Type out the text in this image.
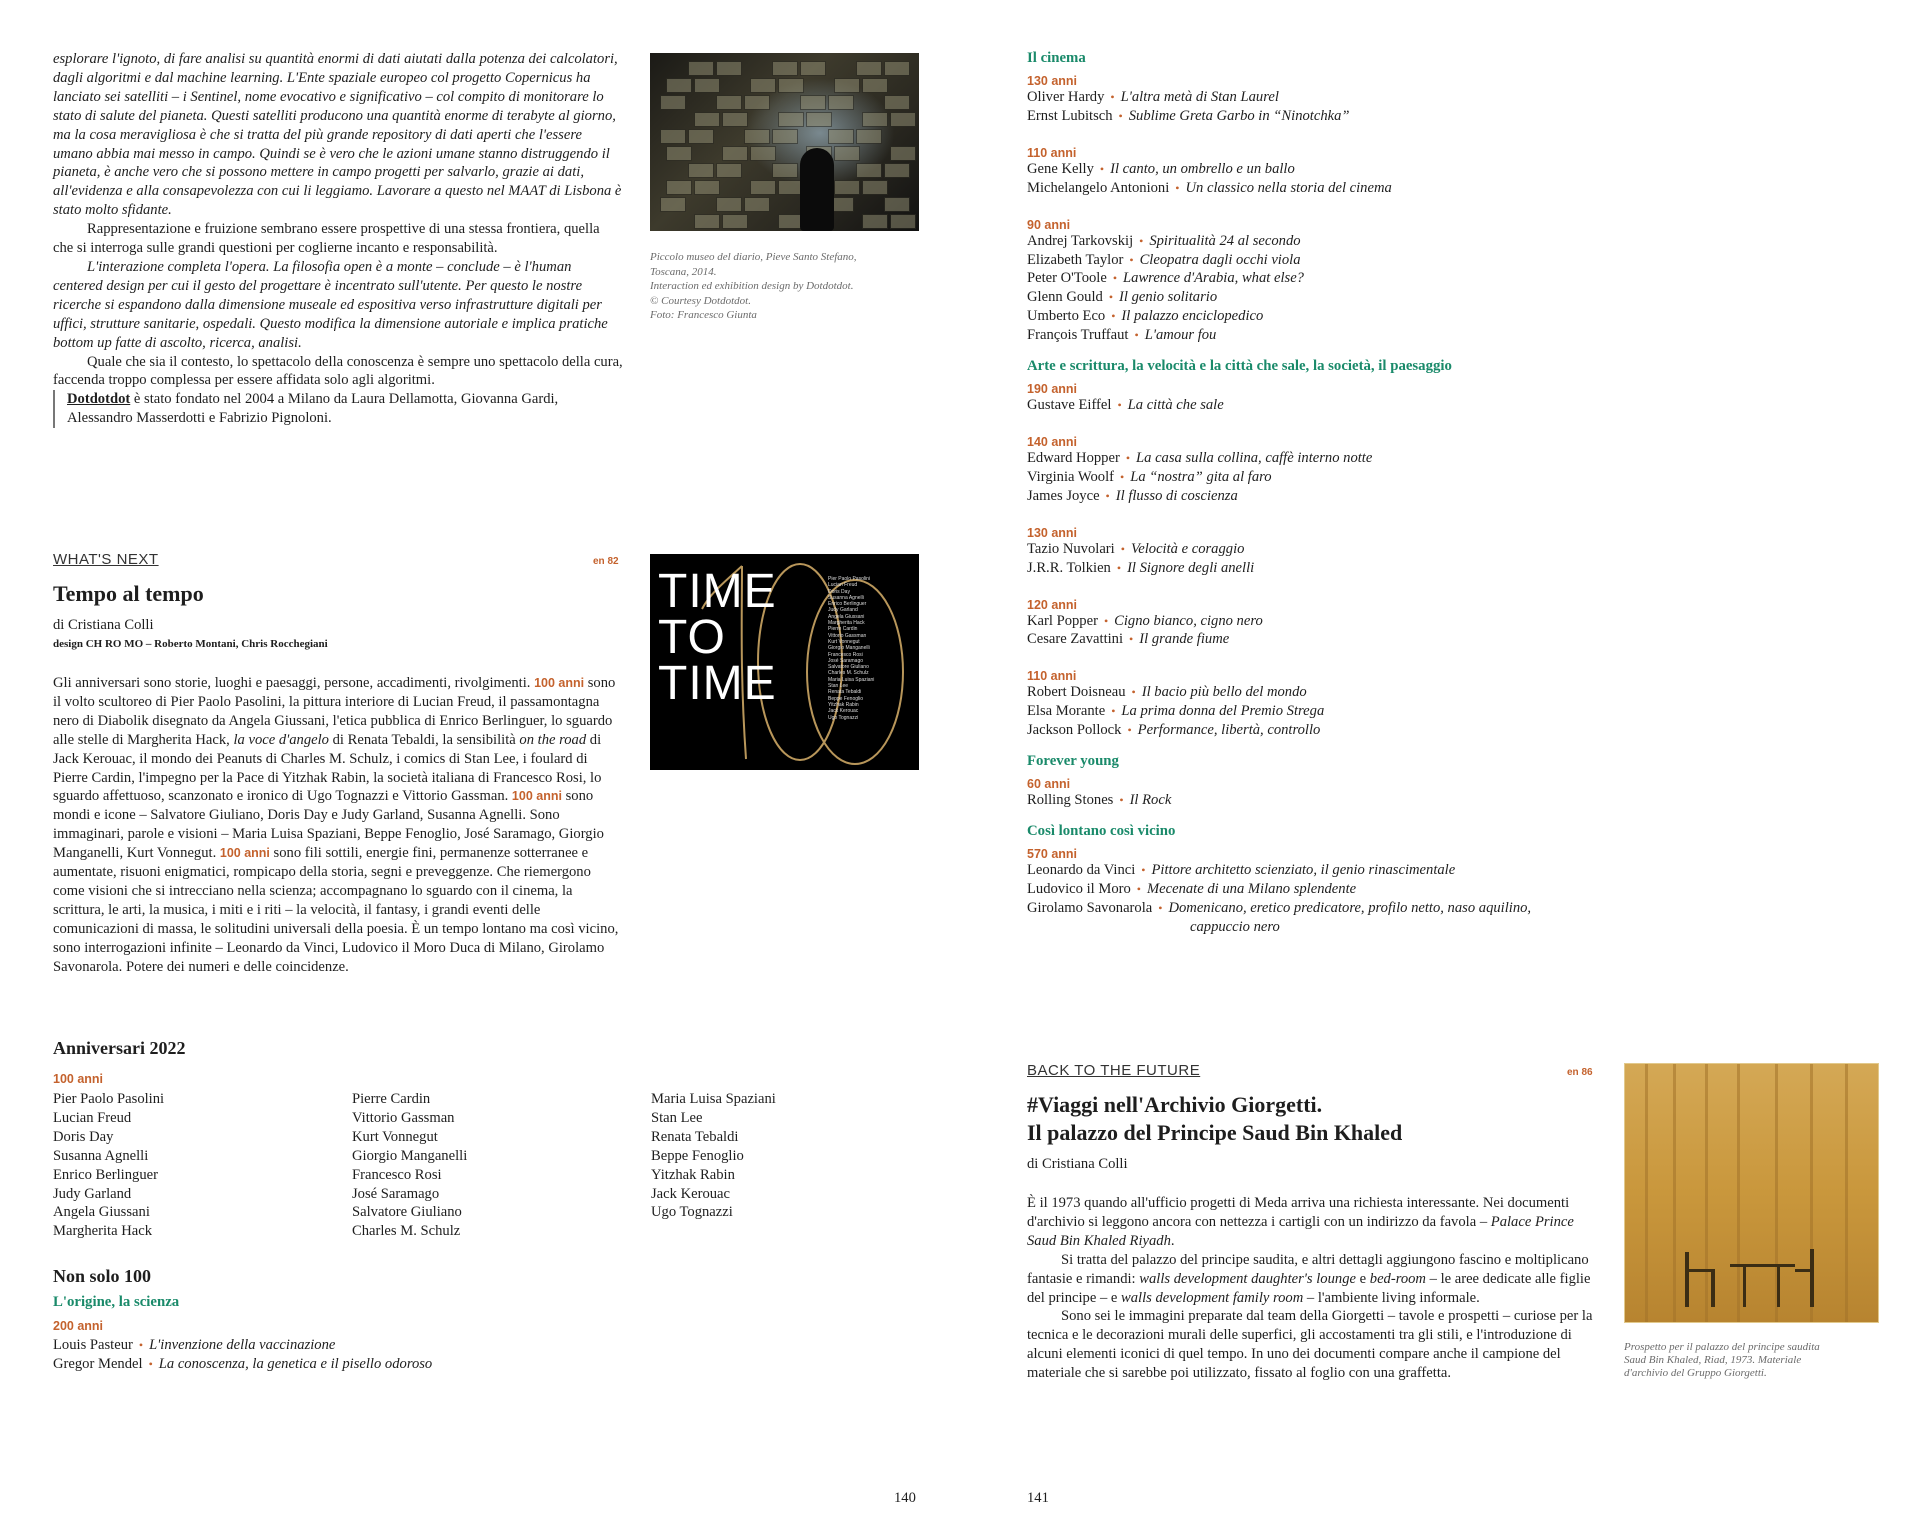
esplorare l'ignoto, di fare analisi su quantità enormi di dati aiutati dalla potenza dei calcolatori, dagli algoritmi e dal machine learning. L'Ente spaziale europeo col progetto Copernicus ha lanciato sei satelliti – i Sentinel, nome evocativo e significativo – col compito di monitorare lo stato di salute del pianeta. Questi satelliti producono una quantità enorme di terabyte al giorno, ma la cosa meravigliosa è che si tratta del più grande repository di dati aperti che l'essere umano abbia mai messo in campo. Quindi se è vero che le azioni umane stanno distruggendo il pianeta, è anche vero che si possono mettere in campo progetti per salvarlo, grazie ai dati, all'evidenza e alla consapevolezza con cui li leggiamo. Lavorare a questo nel MAAT di Lisbona è stato molto sfidante.

Rappresentazione e fruizione sembrano essere prospettive di una stessa frontiera, quella che si interroga sulle grandi questioni per coglierne incanto e responsabilità.

L'interazione completa l'opera. La filosofia open è a monte – conclude – è l'human centered design per cui il gesto del progettare è incentrato sull'utente. Per questo le nostre ricerche si espandono dalla dimensione museale ed espositiva verso infrastrutture digitali per uffici, strutture sanitarie, ospedali. Questo modifica la dimensione autoriale e implica pratiche bottom up fatte di ascolto, ricerca, analisi.

Quale che sia il contesto, lo spettacolo della conoscenza è sempre uno spettacolo della cura, faccenda troppo complessa per essere affidata solo agli algoritmi.

Dotdotdot è stato fondato nel 2004 a Milano da Laura Dellamotta, Giovanna Gardi, Alessandro Masserdotti e Fabrizio Pignoloni.

Piccolo museo del diario, Pieve Santo Stefano,
Toscana, 2014.
Interaction ed exhibition design by Dotdotdot.
© Courtesy Dotdotdot.
Foto: Francesco Giunta
WHAT'S NEXT	en 82
Tempo al tempo
di Cristiana Colli
design CH RO MO – Roberto Montani, Chris Rocchegiani
TIME
TO
TIME
Pier Paolo Pasolini
Lucian Freud
Doris Day
Susanna Agnelli
Enrico Berlinguer
Judy Garland
Angela Giussani
Margherita Hack
Pierre Cardin
Vittorio Gassman
Kurt Vonnegut
Giorgio Manganelli
Francesco Rosi
José Saramago
Salvatore Giuliano
Charles M. Schulz
Maria Luisa Spaziani
Stan Lee
Renata Tebaldi
Beppe Fenoglio
Yitzhak Rabin
Jack Kerouac
Ugo Tognazzi

Gli anniversari sono storie, luoghi e paesaggi, persone, accadimenti, rivolgimenti. 100 anni sono il volto scultoreo di Pier Paolo Pasolini, la pittura interiore di Lucian Freud, il passamontagna nero di Diabolik disegnato da Angela Giussani, l'etica pubblica di Enrico Berlinguer, lo sguardo alle stelle di Margherita Hack, la voce d'angelo di Renata Tebaldi, la sensibilità on the road di Jack Kerouac, il mondo dei Peanuts di Charles M. Schulz, i comics di Stan Lee, i foulard di Pierre Cardin, l'impegno per la Pace di Yitzhak Rabin, la società italiana di Francesco Rosi, lo sguardo affettuoso, scanzonato e ironico di Ugo Tognazzi e Vittorio Gassman. 100 anni sono mondi e icone – Salvatore Giuliano, Doris Day e Judy Garland, Susanna Agnelli. Sono immaginari, parole e visioni – Maria Luisa Spaziani, Beppe Fenoglio, José Saramago, Giorgio Manganelli, Kurt Vonnegut. 100 anni sono fili sottili, energie fini, permanenze sotterranee e aumentate, risuoni enigmatici, rompicapo della storia, segni e preveggenze. Che riemergono come visioni che si intrecciano nella scienza; accompagnano lo sguardo con il cinema, la scrittura, le arti, la musica, i miti e i riti – la velocità, il fantasy, i grandi eventi delle comunicazioni di massa, le solitudini universali della poesia. È un tempo lontano ma così vicino, sono interrogazioni infinite – Leonardo da Vinci, Ludovico il Moro Duca di Milano, Girolamo Savonarola. Potere dei numeri e delle coincidenze.

Anniversari 2022
100 anni
Pier Paolo Pasolini
Lucian Freud
Doris Day
Susanna Agnelli
Enrico Berlinguer
Judy Garland
Angela Giussani
Margherita Hack
Pierre Cardin
Vittorio Gassman
Kurt Vonnegut
Giorgio Manganelli
Francesco Rosi
José Saramago
Salvatore Giuliano
Charles M. Schulz
Maria Luisa Spaziani
Stan Lee
Renata Tebaldi
Beppe Fenoglio
Yitzhak Rabin
Jack Kerouac
Ugo Tognazzi
Non solo 100
L'origine, la scienza
200 anni
Louis Pasteur • L'invenzione della vaccinazione
Gregor Mendel • La conoscenza, la genetica e il pisello odoroso
140
Il cinema
130 anni
Oliver Hardy • L'altra metà di Stan Laurel
Ernst Lubitsch • Sublime Greta Garbo in “Ninotchka”
110 anni
Gene Kelly • Il canto, un ombrello e un ballo
Michelangelo Antonioni • Un classico nella storia del cinema
90 anni
Andrej Tarkovskij • Spiritualità 24 al secondo
Elizabeth Taylor • Cleopatra dagli occhi viola
Peter O'Toole • Lawrence d'Arabia, what else?
Glenn Gould • Il genio solitario
Umberto Eco • Il palazzo enciclopedico
François Truffaut • L'amour fou
Arte e scrittura, la velocità e la città che sale, la società, il paesaggio
190 anni
Gustave Eiffel • La città che sale
140 anni
Edward Hopper • La casa sulla collina, caffè interno notte
Virginia Woolf • La “nostra” gita al faro
James Joyce • Il flusso di coscienza
130 anni
Tazio Nuvolari • Velocità e coraggio
J.R.R. Tolkien • Il Signore degli anelli
120 anni
Karl Popper • Cigno bianco, cigno nero
Cesare Zavattini • Il grande fiume
110 anni
Robert Doisneau • Il bacio più bello del mondo
Elsa Morante • La prima donna del Premio Strega
Jackson Pollock • Performance, libertà, controllo
Forever young
60 anni
Rolling Stones • Il Rock
Così lontano così vicino
570 anni
Leonardo da Vinci • Pittore architetto scienziato, il genio rinascimentale
Ludovico il Moro • Mecenate di una Milano splendente
Girolamo Savonarola • Domenicano, eretico predicatore, profilo netto, naso aquilino,
cappuccio nero
BACK TO THE FUTURE	en 86
#Viaggi nell'Archivio Giorgetti.
Il palazzo del Principe Saud Bin Khaled
di Cristiana Colli

È il 1973 quando all'ufficio progetti di Meda arriva una richiesta interessante. Nei documenti d'archivio si leggono ancora con nettezza i cartigli con un indirizzo da favola – Palace Prince Saud Bin Khaled Riyadh.

Si tratta del palazzo del principe saudita, e altri dettagli aggiungono fascino e moltiplicano fantasie e rimandi: walls development daughter's lounge e bed-room – le aree dedicate alle figlie del principe – e walls development family room – l'ambiente living informale.

Sono sei le immagini preparate dal team della Giorgetti – tavole e prospetti – curiose per la tecnica e le decorazioni murali delle superfici, gli accostamenti tra gli stili, e l'introduzione di alcuni elementi iconici di quel tempo. In uno dei documenti compare anche il campione del materiale che si sarebbe poi utilizzato, fissato al foglio con una graffetta.

Prospetto per il palazzo del principe saudita
Saud Bin Khaled, Riad, 1973. Materiale
d'archivio del Gruppo Giorgetti.
141
